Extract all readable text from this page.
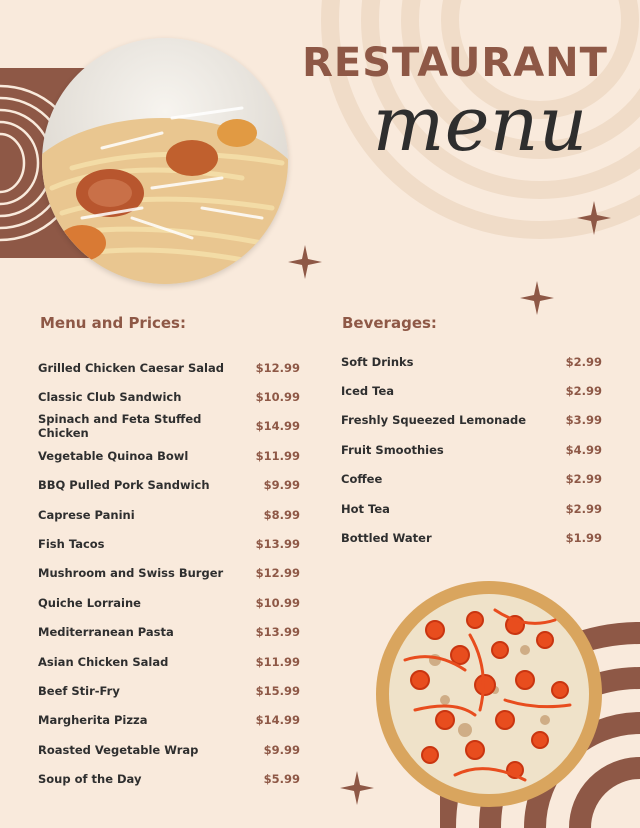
RESTAURANT
menu
Menu and Prices:
Grilled Chicken Caesar Salad	$12.99
Classic Club Sandwich	$10.99
Spinach and Feta Stuffed Chicken	$14.99
Vegetable Quinoa Bowl	$11.99
BBQ Pulled Pork Sandwich	$9.99
Caprese Panini	$8.99
Fish Tacos	$13.99
Mushroom and Swiss Burger	$12.99
Quiche Lorraine	$10.99
Mediterranean Pasta	$13.99
Asian Chicken Salad	$11.99
Beef Stir-Fry	$15.99
Margherita Pizza	$14.99
Roasted Vegetable Wrap	$9.99
Soup of the Day	$5.99
Beverages:
Soft Drinks	$2.99
Iced Tea	$2.99
Freshly Squeezed Lemonade	$3.99
Fruit Smoothies	$4.99
Coffee	$2.99
Hot Tea	$2.99
Bottled Water	$1.99
